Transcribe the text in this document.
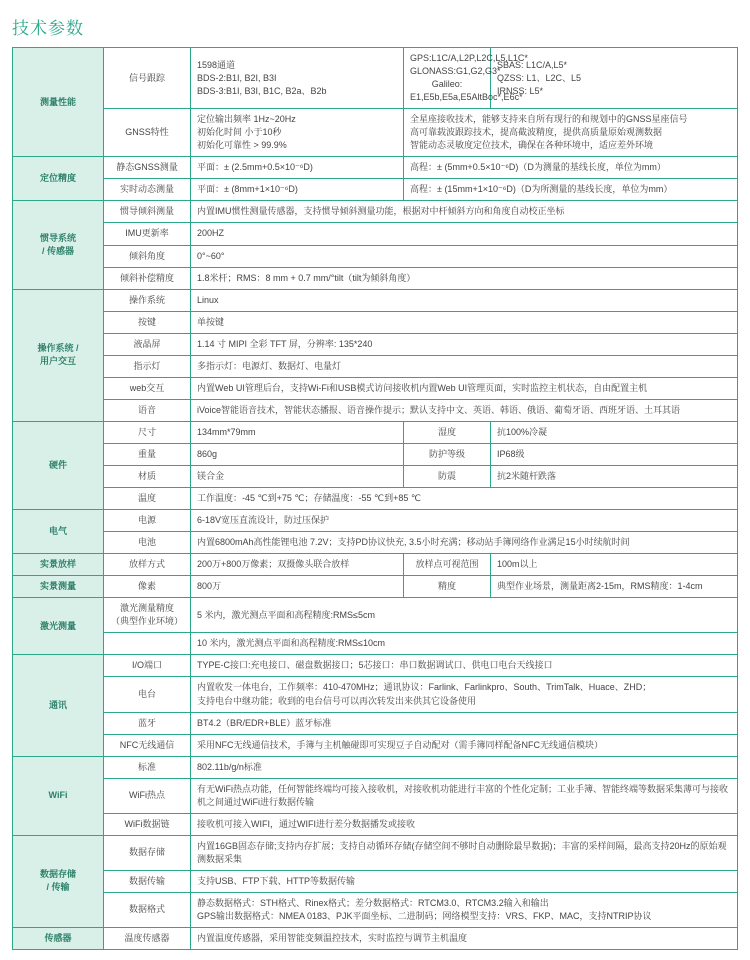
技术参数
测量性能	信号跟踪	1598通道
BDS-2:B1I, B2I, B3I
BDS-3:B1I, B3I, B1C, B2a、B2b	GPS:L1C/A,L2P,L2C,L5,L1C*
GLONASS:G1,G2,G3*
Galileo: E1,E5b,E5a,E5AltBoc*,E6c*	SBAS: L1C/A,L5*
QZSS: L1、L2C、L5
IRNSS: L5*
	GNSS特性	定位输出频率 1Hz~20Hz
初始化时间 小于10秒
初始化可靠性 > 99.9%	全星座接收技术，能够支持来自所有现行的和规划中的GNSS星座信号
高可靠载波跟踪技术，提高截波精度，提供高质量原始观测数据
智能动态灵敏度定位技术，确保在各种环境中，适应差外环境	
定位精度	静态GNSS测量	平面：± (2.5mm+0.5×10⁻⁶D)	高程：± (5mm+0.5×10⁻⁶D)（D为测量的基线长度，单位为mm）	
	实时动态测量	平面：± (8mm+1×10⁻⁶D)	高程：± (15mm+1×10⁻⁶D)（D为所测量的基线长度，单位为mm）	
惯导系统
/ 传感器	惯导倾斜测量	内置IMU惯性测量传感器，支持惯导倾斜测量功能，根据对中杆倾斜方向和角度自动校正坐标		
	IMU更新率	200HZ		
	倾斜角度	0°~60°		
	倾斜补偿精度	1.8米杆；RMS：8 mm + 0.7 mm/°tilt（tilt为倾斜角度）		
操作系统 /
用户交互	操作系统	Linux		
	按键	单按键		
	液晶屏	1.14 寸 MIPI 全彩 TFT 屏，分辨率: 135*240		
	指示灯	多指示灯：电源灯、数据灯、电量灯		
	web交互	内置Web UI管理后台，支持Wi-Fi和USB模式访问接收机内置Web UI管理页面，实时监控主机状态，自由配置主机		
	语音	iVoice智能语音技术，智能状态播报、语音操作提示；默认支持中文、英语、韩语、俄语、葡萄牙语、西班牙语、土耳其语		
硬件	尺寸	134mm*79mm	湿度	抗100%冷凝
	重量	860g	防护等级	IP68级
	材质	镁合金	防震	抗2米随杆跌落
	温度	工作温度：-45 ℃到+75 ℃；存储温度：-55 ℃到+85 ℃		
电气	电源	6-18V宽压直流设计，防过压保护		
	电池	内置6800mAh高性能锂电池 7.2V；支持PD协议快充, 3.5小时充满；移动站手簿网络作业满足15小时续航时间		
实景放样	放样方式	200万+800万像素；双摄像头联合放样	放样点可视范围	100m以上
实景测量	像素	800万	精度	典型作业场景，测量距离2-15m，RMS精度：1-4cm
激光测量	激光测量精度
（典型作业环境）	5 米内，激光测点平面和高程精度:RMS≤5cm		
		10 米内，激光测点平面和高程精度:RMS≤10cm		
通讯	I/O端口	TYPE-C接口:充电接口、磁盘数据接口；5芯接口：串口数据调试口、供电口电台天线接口		
	电台	内置收发一体电台，工作频率：410-470MHz；通讯协议：Farlink、Farlinkpro、South、TrimTalk、Huace、ZHD；
支持电台中继功能；收到的电台信号可以再次转发出来供其它设备使用		
	蓝牙	BT4.2（BR/EDR+BLE）蓝牙标准		
	NFC无线通信	采用NFC无线通信技术，手簿与主机触碰即可实现豆子自动配对（需手簿同样配备NFC无线通信模块）		
WiFi	标准	802.11b/g/n标准		
	WiFi热点	有无WiFi热点功能，任何智能终端均可接入接收机，对接收机功能进行丰富的个性化定制；工业手簿、智能终端等数据采集薄可与接收机之间通过WiFi进行数据传输		
	WiFi数据链	接收机可接入WIFI，通过WIFI进行差分数据播发或接收		
数据存储
/ 传输	数据存储	内置16GB固态存储;支持内存扩展；支持自动循环存储(存储空间不够时自动删除最早数据)；丰富的采样间隔，最高支持20Hz的原始观测数据采集		
	数据传输	支持USB、FTP下载、HTTP等数据传输		
	数据格式	静态数据格式：STH格式、Rinex格式；差分数据格式：RTCM3.0、RTCM3.2输入和输出
GPS输出数据格式：NMEA 0183、PJK平面坐标、二进制码；网络模型支持：VRS、FKP、MAC，支持NTRIP协议		
传感器	温度传感器	内置温度传感器，采用智能变频温控技术，实时监控与调节主机温度		
